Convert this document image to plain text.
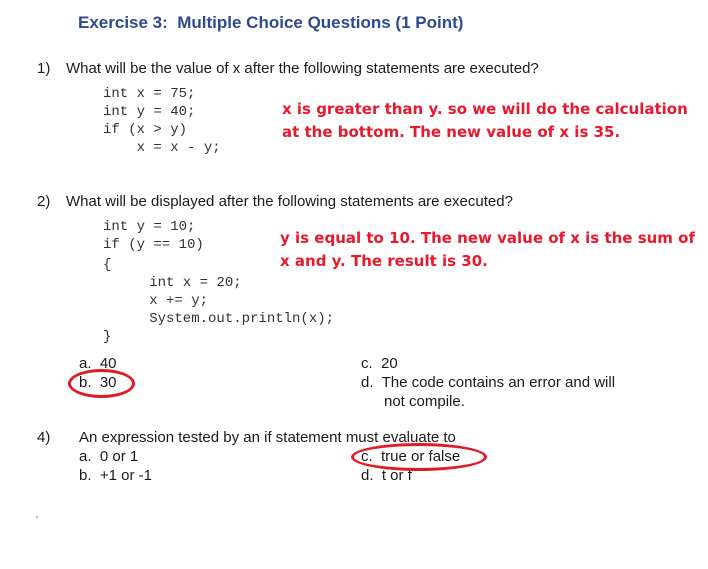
Exercise 3:  Multiple Choice Questions (1 Point)
1) What will be the value of x after the following statements are executed?
int x = 75;
int y = 40;
if (x > y)
x = x - y;
x is greater than y. so we will do the calculation
at the bottom. The new value of x is 35.
2) What will be displayed after the following statements are executed?
int y = 10;
if (y == 10)
{
int x = 20;
x += y;
System.out.println(x);
}
y is equal to 10. The new value of x is the sum of
x and y. The result is 30.
a.  40
b.  30
c.  20
d.  The code contains an error and will
not compile.
4) An expression tested by an if statement must evaluate to
a.  0 or 1
b.  +1 or -1
c.  true or false
d.  t or f
